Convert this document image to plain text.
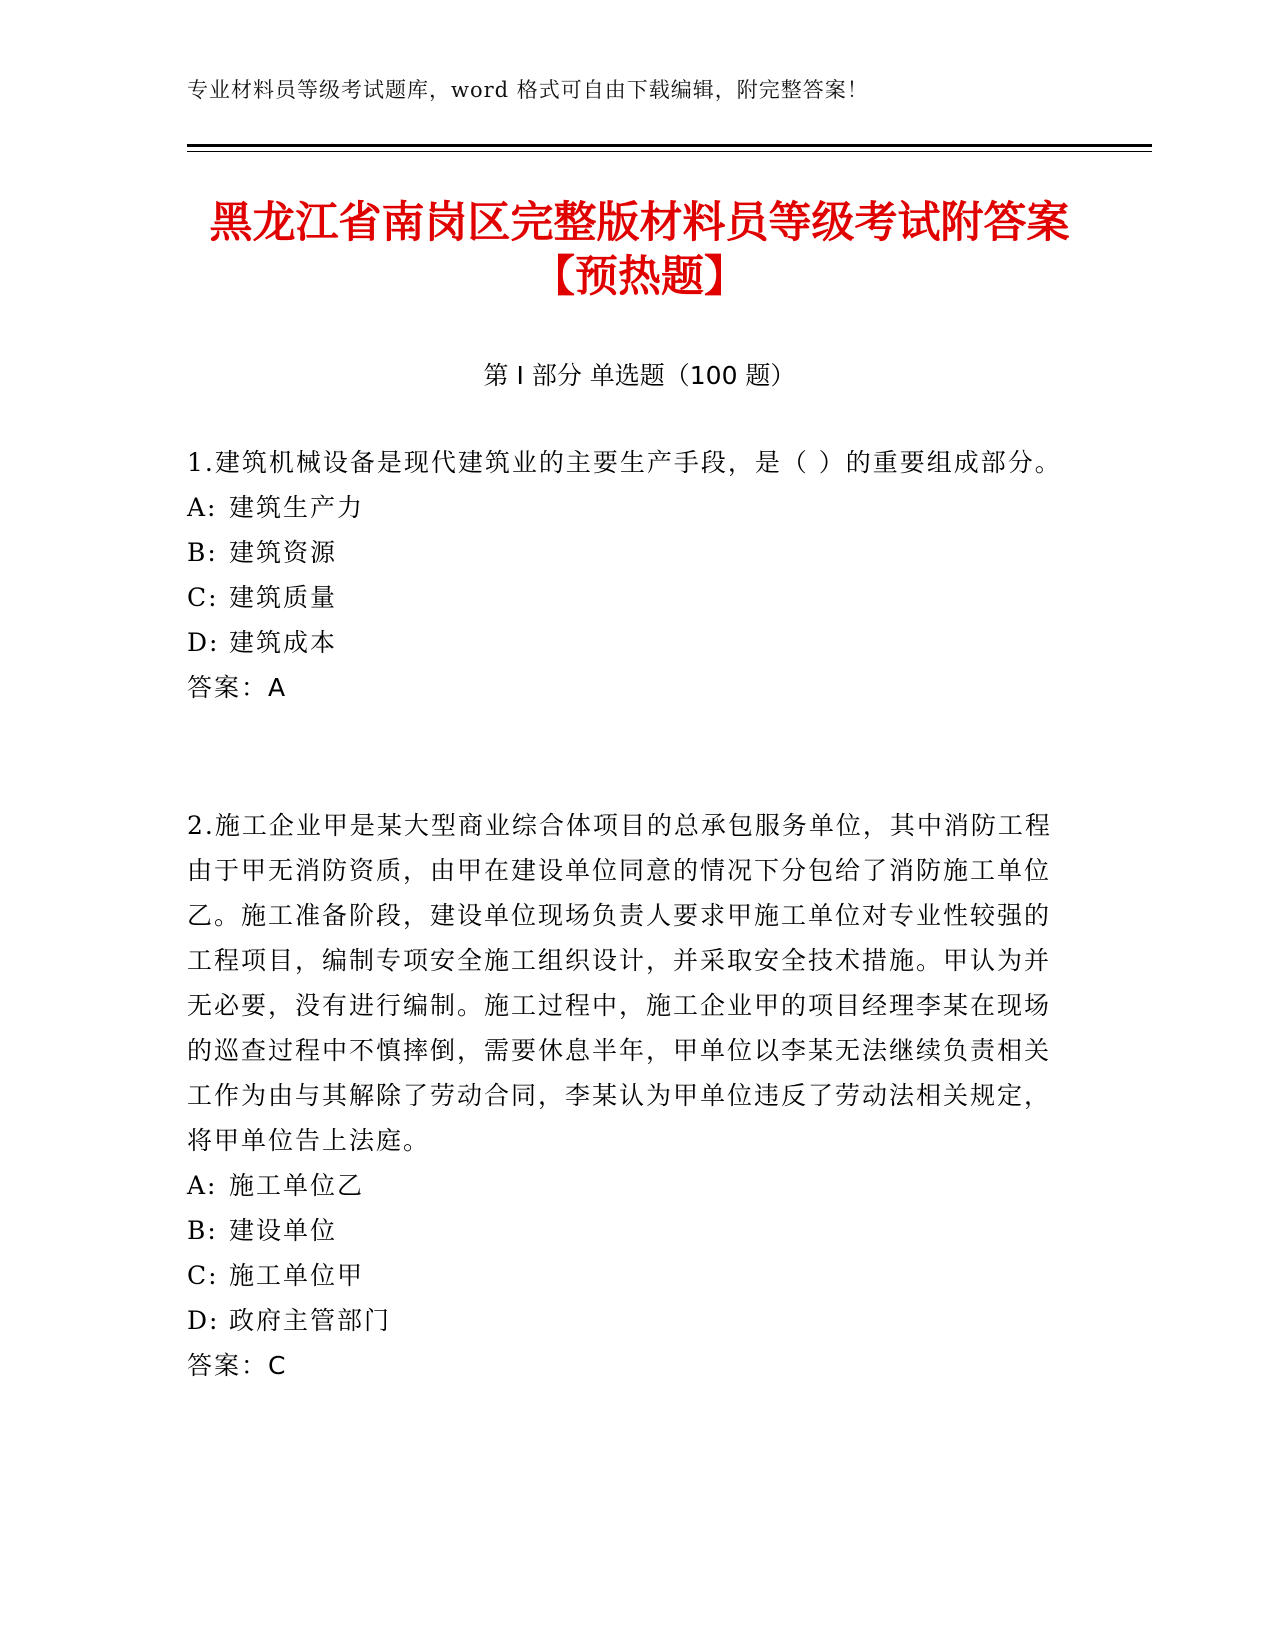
专业材料员等级考试题库，word 格式可自由下载编辑，附完整答案！
黑龙江省南岗区完整版材料员等级考试附答案【预热题】
第 I 部分 单选题（100 题）

1.建筑机械设备是现代建筑业的主要生产手段，是（ ）的重要组成部分。

A: 建筑生产力

B: 建筑资源

C: 建筑质量

D: 建筑成本

答案：A

2.施工企业甲是某大型商业综合体项目的总承包服务单位，其中消防工程由于甲无消防资质，由甲在建设单位同意的情况下分包给了消防施工单位乙。施工准备阶段，建设单位现场负责人要求甲施工单位对专业性较强的工程项目，编制专项安全施工组织设计，并采取安全技术措施。甲认为并无必要，没有进行编制。施工过程中，施工企业甲的项目经理李某在现场的巡查过程中不慎摔倒，需要休息半年，甲单位以李某无法继续负责相关工作为由与其解除了劳动合同，李某认为甲单位违反了劳动法相关规定，将甲单位告上法庭。

A: 施工单位乙

B: 建设单位

C: 施工单位甲

D: 政府主管部门

答案：C
